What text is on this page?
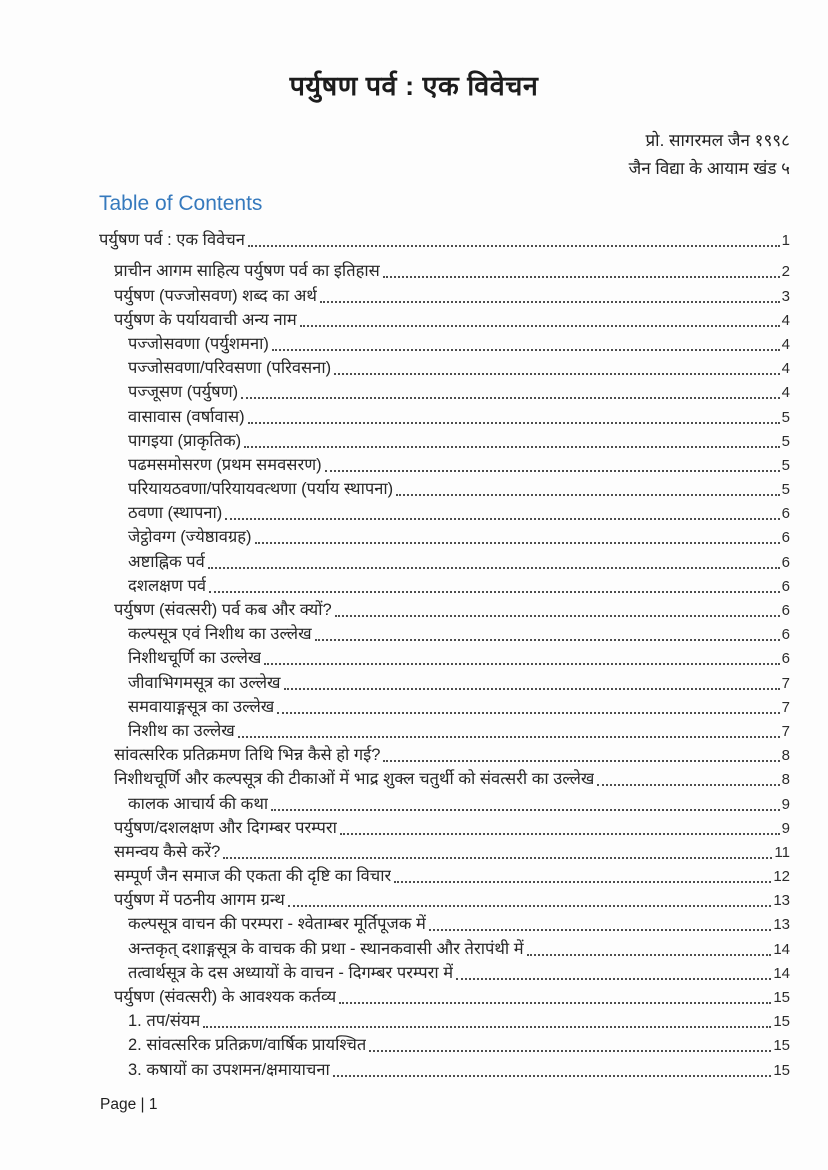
पर्युषण पर्व : एक विवेचन
प्रो. सागरमल जैन १९९८
जैन विद्या के आयाम खंड ५
Table of Contents
पर्युषण पर्व : एक विवेचन	1
प्राचीन आगम साहित्य पर्युषण पर्व का इतिहास	2
पर्युषण (पज्जोसवण) शब्द का अर्थ	3
पर्युषण के पर्यायवाची अन्य नाम	4
पज्जोसवणा (पर्युशमना)	4
पज्जोसवणा/परिवसणा (परिवसना)	4
पज्जूसण (पर्युषण)	4
वासावास (वर्षावास)	5
पागइया (प्राकृतिक)	5
पढमसमोसरण (प्रथम समवसरण)	5
परियायठवणा/परियायवत्थणा (पर्याय स्थापना)	5
ठवणा (स्थापना)	6
जेट्ठोवग्ग (ज्येष्ठावग्रह)	6
अष्टाह्निक पर्व	6
दशलक्षण पर्व	6
पर्युषण (संवत्सरी) पर्व कब और क्यों?	6
कल्पसूत्र एवं निशीथ का उल्लेख	6
निशीथचूर्णि का उल्लेख	6
जीवाभिगमसूत्र का उल्लेख	7
समवायाङ्गसूत्र का उल्लेख	7
निशीथ का उल्लेख	7
सांवत्सरिक प्रतिक्रमण तिथि भिन्न कैसे हो गई?	8
निशीथचूर्णि और कल्पसूत्र की टीकाओं में भाद्र शुक्ल चतुर्थी को संवत्सरी का उल्लेख	8
कालक आचार्य की कथा	9
पर्युषण/दशलक्षण और दिगम्बर परम्परा	9
समन्वय कैसे करें?	11
सम्पूर्ण जैन समाज की एकता की दृष्टि का विचार	12
पर्युषण में पठनीय आगम ग्रन्थ	13
कल्पसूत्र वाचन की परम्परा - श्वेताम्बर मूर्तिपूजक में	13
अन्तकृत् दशाङ्गसूत्र के वाचक की प्रथा - स्थानकवासी और तेरापंथी में	14
तत्वार्थसूत्र के दस अध्यायों के वाचन - दिगम्बर परम्परा में	14
पर्युषण (संवत्सरी) के आवश्यक कर्तव्य	15
1. तप/संयम	15
2. सांवत्सरिक प्रतिक्रण/वार्षिक प्रायश्चित	15
3. कषायों का उपशमन/क्षमायाचना	15
Page | 1
